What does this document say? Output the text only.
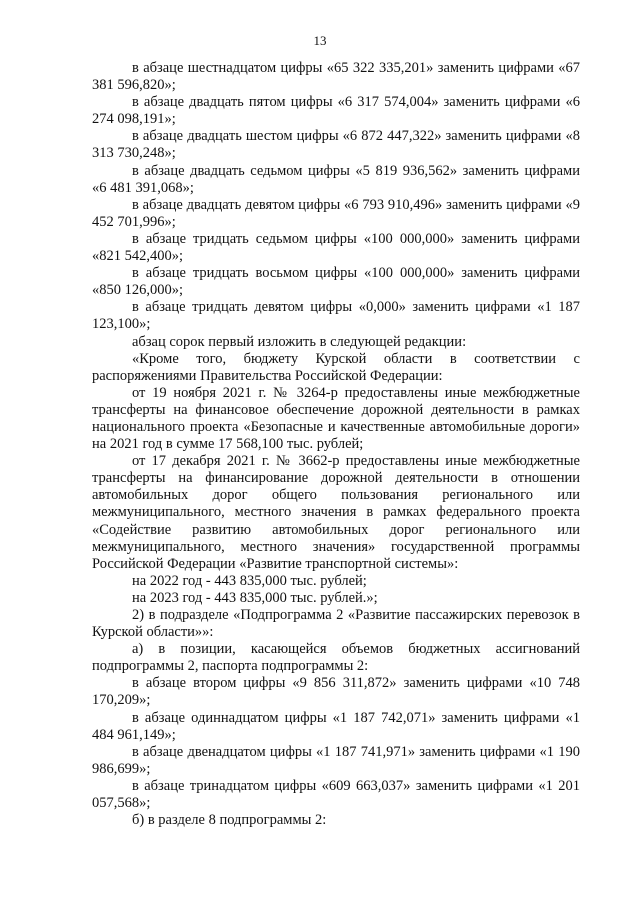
13

в абзаце шестнадцатом цифры «65 322 335,201» заменить цифрами «67 381 596,820»;

в абзаце двадцать пятом цифры «6 317 574,004» заменить цифрами «6 274 098,191»;

в абзаце двадцать шестом цифры «6 872 447,322» заменить цифрами «8 313 730,248»;

в абзаце двадцать седьмом цифры «5 819 936,562» заменить цифрами «6 481 391,068»;

в абзаце двадцать девятом цифры «6 793 910,496» заменить цифрами «9 452 701,996»;

в абзаце тридцать седьмом цифры «100 000,000» заменить цифрами «821 542,400»;

в абзаце тридцать восьмом цифры «100 000,000» заменить цифрами «850 126,000»;

в абзаце тридцать девятом цифры «0,000» заменить цифрами «1 187 123,100»;

абзац сорок первый изложить в следующей редакции:

«Кроме того, бюджету Курской области в соответствии с распоряжениями Правительства Российской Федерации:

от 19 ноября 2021 г. № 3264-р предоставлены иные межбюджетные трансферты на финансовое обеспечение дорожной деятельности в рамках национального проекта «Безопасные и качественные автомобильные дороги» на 2021 год в сумме 17 568,100 тыс. рублей;

от 17 декабря 2021 г. № 3662-р предоставлены иные межбюджетные трансферты на финансирование дорожной деятельности в отношении автомобильных дорог общего пользования регионального или межмуниципального, местного значения в рамках федерального проекта «Содействие развитию автомобильных дорог регионального или межмуниципального, местного значения» государственной программы Российской Федерации «Развитие транспортной системы»:

на 2022 год - 443 835,000 тыс. рублей;

на 2023 год - 443 835,000 тыс. рублей.»;

2) в подразделе «Подпрограмма 2 «Развитие пассажирских перевозок в Курской области»»:

а) в позиции, касающейся объемов бюджетных ассигнований подпрограммы 2, паспорта подпрограммы 2:

в абзаце втором цифры «9 856 311,872» заменить цифрами «10 748 170,209»;

в абзаце одиннадцатом цифры «1 187 742,071» заменить цифрами «1 484 961,149»;

в абзаце двенадцатом цифры «1 187 741,971» заменить цифрами «1 190 986,699»;

в абзаце тринадцатом цифры «609 663,037» заменить цифрами «1 201 057,568»;

б) в разделе 8 подпрограммы 2:
